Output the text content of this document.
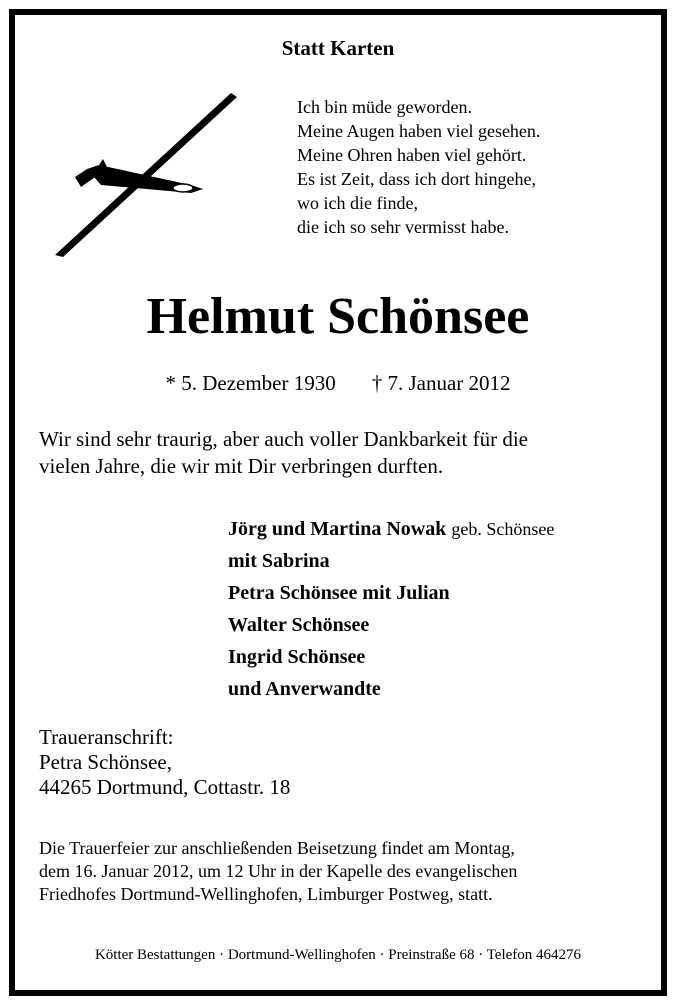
Statt Karten
Ich bin müde geworden.
Meine Augen haben viel gesehen.
Meine Ohren haben viel gehört.
Es ist Zeit, dass ich dort hingehe,
wo ich die finde,
die ich so sehr vermisst habe.
Helmut Schönsee
* 5. Dezember 1930 † 7. Januar 2012
Wir sind sehr traurig, aber auch voller Dankbarkeit für die
vielen Jahre, die wir mit Dir verbringen durften.
Jörg und Martina Nowak geb. Schönsee
mit Sabrina
Petra Schönsee mit Julian
Walter Schönsee
Ingrid Schönsee
und Anverwandte
Traueranschrift:
Petra Schönsee,
44265 Dortmund, Cottastr. 18
Die Trauerfeier zur anschließenden Beisetzung findet am Montag,
dem 16. Januar 2012, um 12 Uhr in der Kapelle des evangelischen
Friedhofes Dortmund-Wellinghofen, Limburger Postweg, statt.
Kötter Bestattungen · Dortmund-Wellinghofen · Preinstraße 68 · Telefon 464276
